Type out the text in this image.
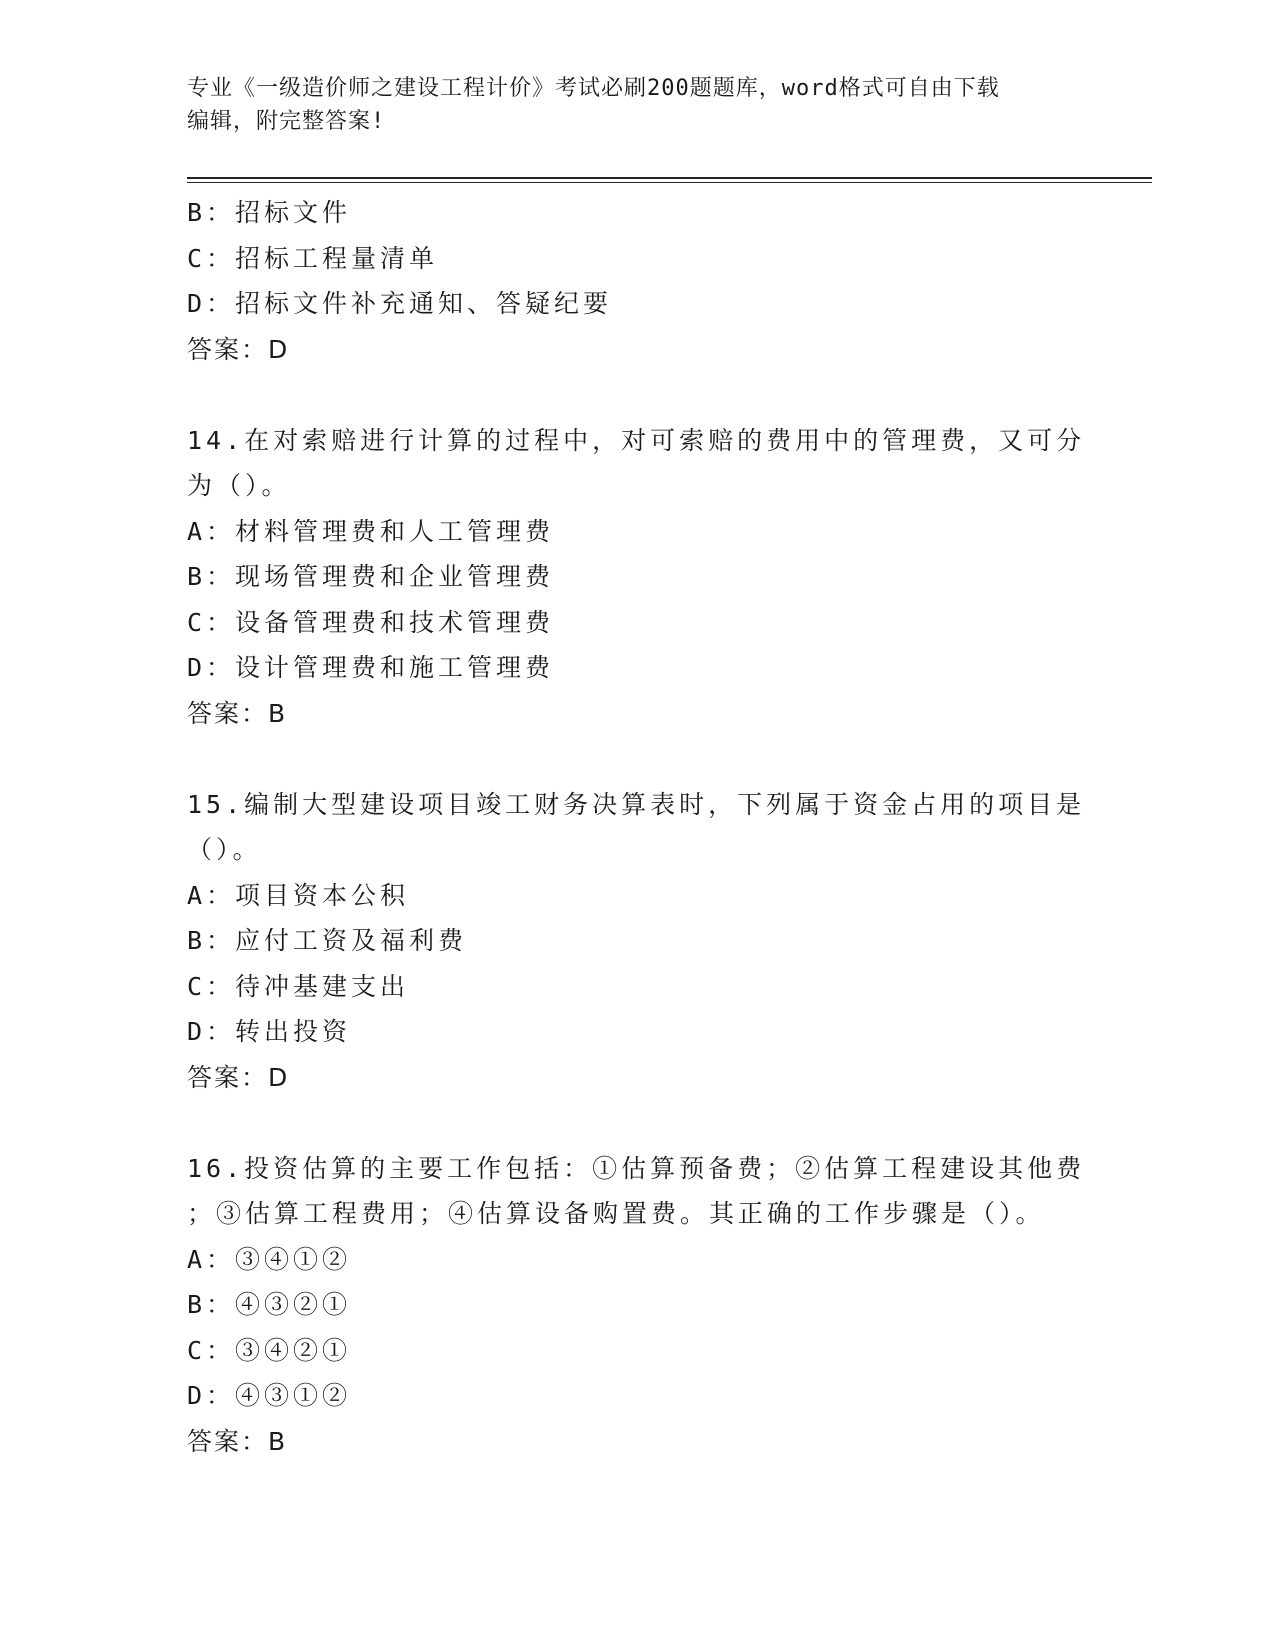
专业《一级造价师之建设工程计价》考试必刷200题题库，word格式可自由下载
编辑，附完整答案!
B：招标文件
C：招标工程量清单
D：招标文件补充通知、答疑纪要
答案：D
14.在对索赔进行计算的过程中，对可索赔的费用中的管理费，又可分
为（）。
A：材料管理费和人工管理费
B：现场管理费和企业管理费
C：设备管理费和技术管理费
D：设计管理费和施工管理费
答案：B
15.编制大型建设项目竣工财务决算表时，下列属于资金占用的项目是
（）。
A：项目资本公积
B：应付工资及福利费
C：待冲基建支出
D：转出投资
答案：D
16.投资估算的主要工作包括：①估算预备费；②估算工程建设其他费
；③估算工程费用；④估算设备购置费。其正确的工作步骤是（）。
A：③④①②
B：④③②①
C：③④②①
D：④③①②
答案：B
